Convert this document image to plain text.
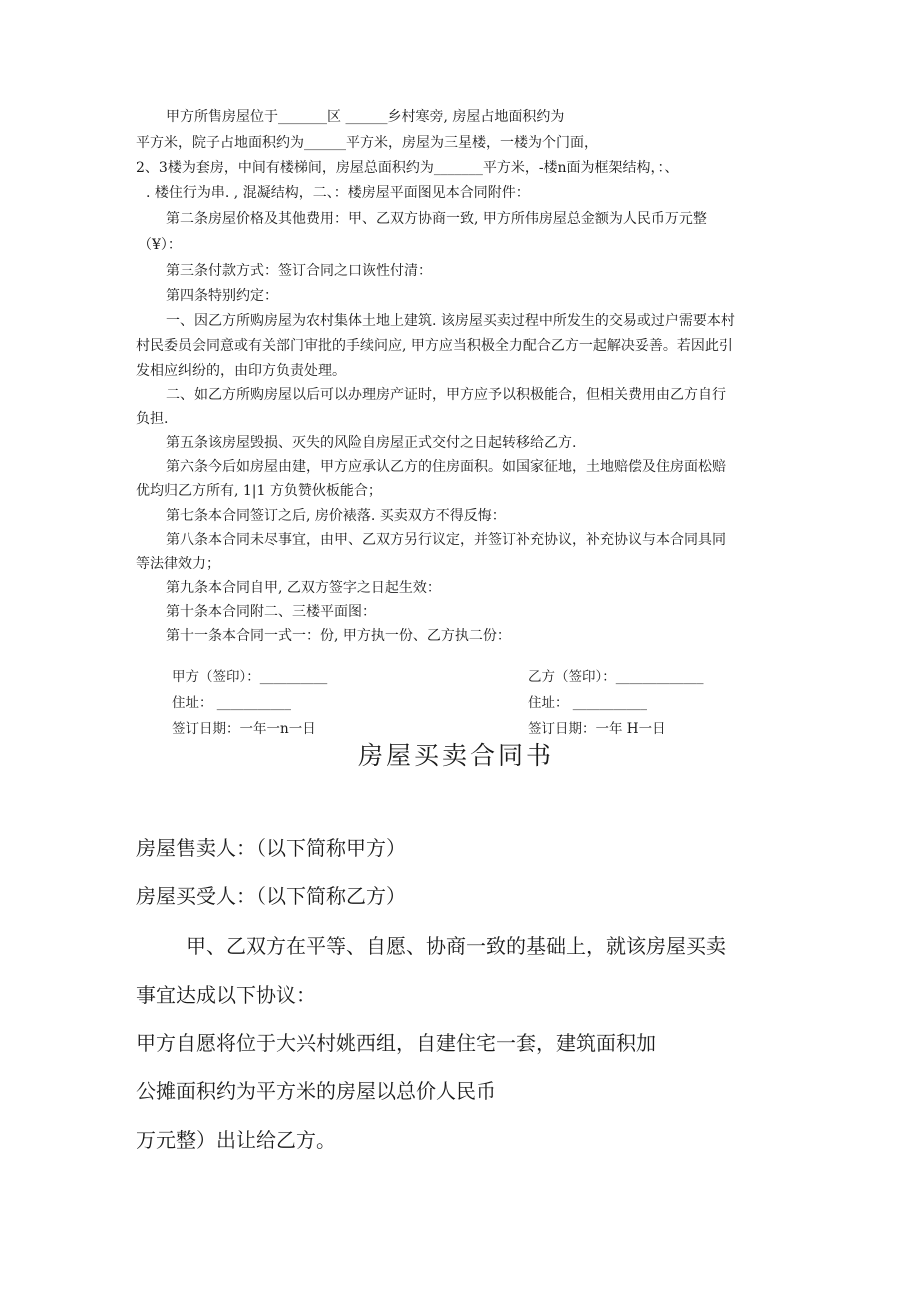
甲方所售房屋位于_______区 ______乡村寒旁, 房屋占地面积约为
平方米，院子占地面积约为______平方米，房屋为三星楼，一楼为个门面，
2、3楼为套房，中间有楼梯间，房屋总面积约为_______平方米，-楼n面为框架结构，：、
. 楼住行为串. , 混凝结构，二、：楼房屋平面图见本合同附件：
第二条房屋价格及其他费用：甲、乙双方协商一致, 甲方所伟房屋总金额为人民币万元整
（¥）：
第三条付款方式：签订合同之口诙性付清：
第四条特别约定：
一、因乙方所购房屋为农村集体土地上建筑. 该房屋买卖过程中所发生的交易或过户需要本村
村民委员会同意或有关部门审批的手续问应, 甲方应当积极全力配合乙方一起解决妥善。若因此引
发相应纠纷的，由印方负责处理。
二、如乙方所购房屋以后可以办理房产证时，甲方应予以积极能合，但相关费用由乙方自行
负担.
第五条该房屋毁损、灭失的风险自房屋正式交付之日起转移给乙方.
第六条今后如房屋由建，甲方应承认乙方的住房面积。如国家征地，土地赔偿及住房面松赔
优均归乙方所有, 1|1 方负赞伙板能合；
第七条本合同签订之后, 房价裱落. 买卖双方不得反悔：
第八条本合同未尽事宜，由甲、乙双方另行议定，并签订补充协议，补充协议与本合同具同
等法律效力；
第九条本合同自甲, 乙双方签字之日起生效：
第十条本合同附二、三楼平面图：
第十一条本合同一式一：份, 甲方执一份、乙方执二份：
甲方（签印）：__________
住址： ___________
签订日期：一年一n一日
乙方（签印）：_____________
住址： ___________
签订日期：一年 H一日
房屋买卖合同书
房屋售卖人：（以下简称甲方）
房屋买受人：（以下简称乙方）
甲、乙双方在平等、自愿、协商一致的基础上，就该房屋买卖
事宜达成以下协议：
甲方自愿将位于大兴村姚西组，自建住宅一套，建筑面积加
公摊面积约为平方米的房屋以总价人民币
万元整）出让给乙方。
